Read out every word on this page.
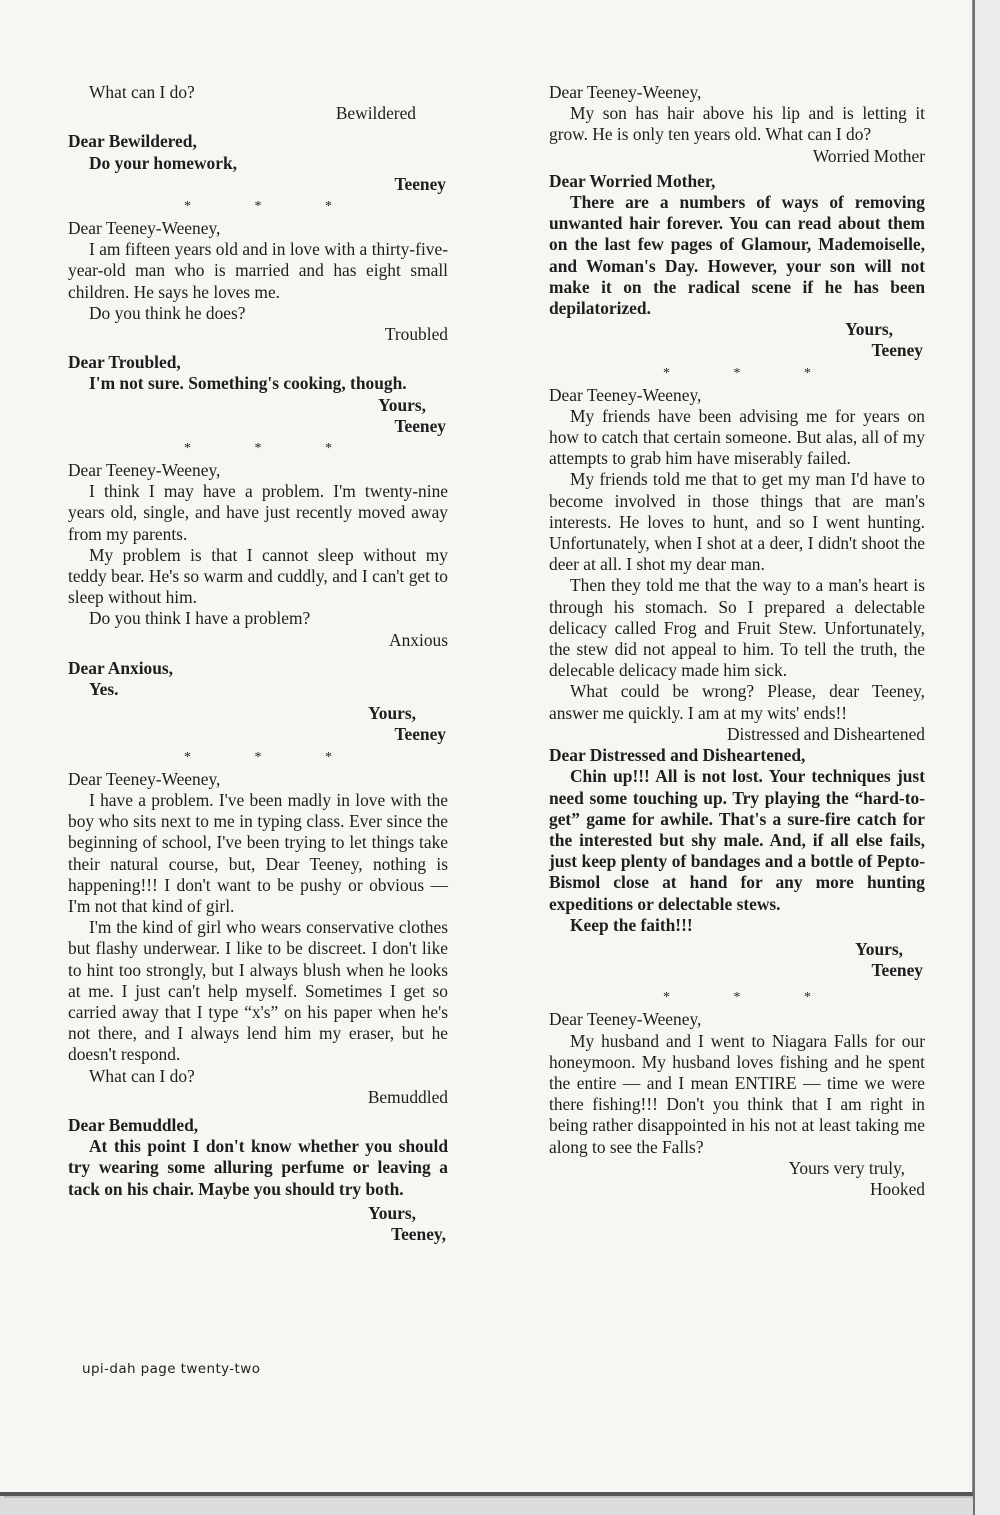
What can I do?

Bewildered

Dear Bewildered,

Do your homework,

Teeney

* * *

Dear Teeney-Weeney,

I am fifteen years old and in love with a thirty-five-year-old man who is married and has eight small children. He says he loves me.

Do you think he does?

Troubled

Dear Troubled,

I'm not sure. Something's cooking, though.

Yours,

Teeney

* * *

Dear Teeney-Weeney,

I think I may have a problem. I'm twenty-nine years old, single, and have just recently moved away from my parents.

My problem is that I cannot sleep without my teddy bear. He's so warm and cuddly, and I can't get to sleep without him.

Do you think I have a problem?

Anxious

Dear Anxious,

Yes.

Yours,

Teeney

* * *

Dear Teeney-Weeney,

I have a problem. I've been madly in love with the boy who sits next to me in typing class. Ever since the beginning of school, I've been trying to let things take their natural course, but, Dear Teeney, nothing is happening!!! I don't want to be pushy or obvious — I'm not that kind of girl.

I'm the kind of girl who wears conservative clothes but flashy underwear. I like to be discreet. I don't like to hint too strongly, but I always blush when he looks at me. I just can't help myself. Sometimes I get so carried away that I type “x's” on his paper when he's not there, and I always lend him my eraser, but he doesn't respond.

What can I do?

Bemuddled

Dear Bemuddled,

At this point I don't know whether you should try wearing some alluring perfume or leaving a tack on his chair. Maybe you should try both.

Yours,

Teeney,

Dear Teeney-Weeney,

My son has hair above his lip and is letting it grow. He is only ten years old. What can I do?

Worried Mother

Dear Worried Mother,

There are a numbers of ways of removing unwanted hair forever. You can read about them on the last few pages of Glamour, Mademoiselle, and Woman's Day. However, your son will not make it on the radical scene if he has been depilatorized.

Yours,

Teeney

* * *

Dear Teeney-Weeney,

My friends have been advising me for years on how to catch that certain someone. But alas, all of my attempts to grab him have miserably failed.

My friends told me that to get my man I'd have to become involved in those things that are man's interests. He loves to hunt, and so I went hunting. Unfortunately, when I shot at a deer, I didn't shoot the deer at all. I shot my dear man.

Then they told me that the way to a man's heart is through his stomach. So I prepared a delectable delicacy called Frog and Fruit Stew. Unfortunately, the stew did not appeal to him. To tell the truth, the delecable delicacy made him sick.

What could be wrong? Please, dear Teeney, answer me quickly. I am at my wits' ends!!

Distressed and Disheartened

Dear Distressed and Disheartened,

Chin up!!! All is not lost. Your techniques just need some touching up. Try playing the “hard-to-get” game for awhile. That's a sure-fire catch for the interested but shy male. And, if all else fails, just keep plenty of bandages and a bottle of Pepto-Bismol close at hand for any more hunting expeditions or delectable stews.

Keep the faith!!!

Yours,

Teeney

* * *

Dear Teeney-Weeney,

My husband and I went to Niagara Falls for our honeymoon. My husband loves fishing and he spent the entire — and I mean ENTIRE — time we were there fishing!!! Don't you think that I am right in being rather disappointed in his not at least taking me along to see the Falls?

Yours very truly,

Hooked

upi-dah page twenty-two
